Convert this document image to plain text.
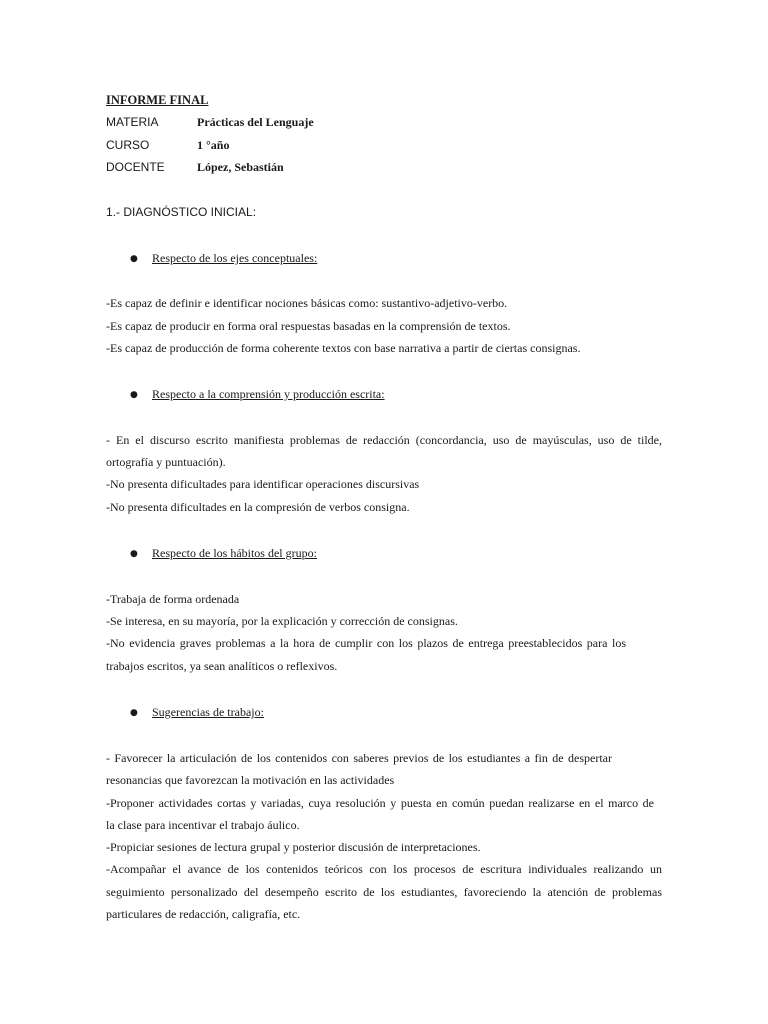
INFORME FINAL
MATERIA	Prácticas del Lenguaje
CURSO	1 °año
DOCENTE	López, Sebastián
1.- DIAGNÓSTICO INICIAL:
● Respecto de los ejes conceptuales:
-Es capaz de definir e identificar nociones básicas como: sustantivo-adjetivo-verbo.
-Es capaz de producir en forma oral respuestas basadas en la comprensión de textos.
-Es capaz de producción de forma coherente textos con base narrativa a partir de ciertas consignas.
● Respecto a la comprensión y producción escrita:
- En el discurso escrito manifiesta problemas de redacción (concordancia, uso de mayúsculas, uso de tilde,
ortografía y puntuación).
-No presenta dificultades para identificar operaciones discursivas
-No presenta dificultades en la compresión de verbos consigna.
● Respecto de los hábitos del grupo:
-Trabaja de forma ordenada
-Se interesa, en su mayoría, por la explicación y corrección de consignas.
-No evidencia graves problemas a la hora de cumplir con los plazos de entrega preestablecidos para los
trabajos escritos, ya sean analíticos o reflexivos.
● Sugerencias de trabajo:
- Favorecer la articulación de los contenidos con saberes previos de los estudiantes a fin de despertar
resonancias que favorezcan la motivación en las actividades
-Proponer actividades cortas y variadas, cuya resolución y puesta en común puedan realizarse en el marco de
la clase para incentivar el trabajo áulico.
-Propiciar sesiones de lectura grupal y posterior discusión de interpretaciones.
-Acompañar el avance de los contenidos teóricos con los procesos de escritura individuales realizando un
seguimiento personalizado del desempeño escrito de los estudiantes, favoreciendo la atención de problemas
particulares de redacción, caligrafía, etc.
